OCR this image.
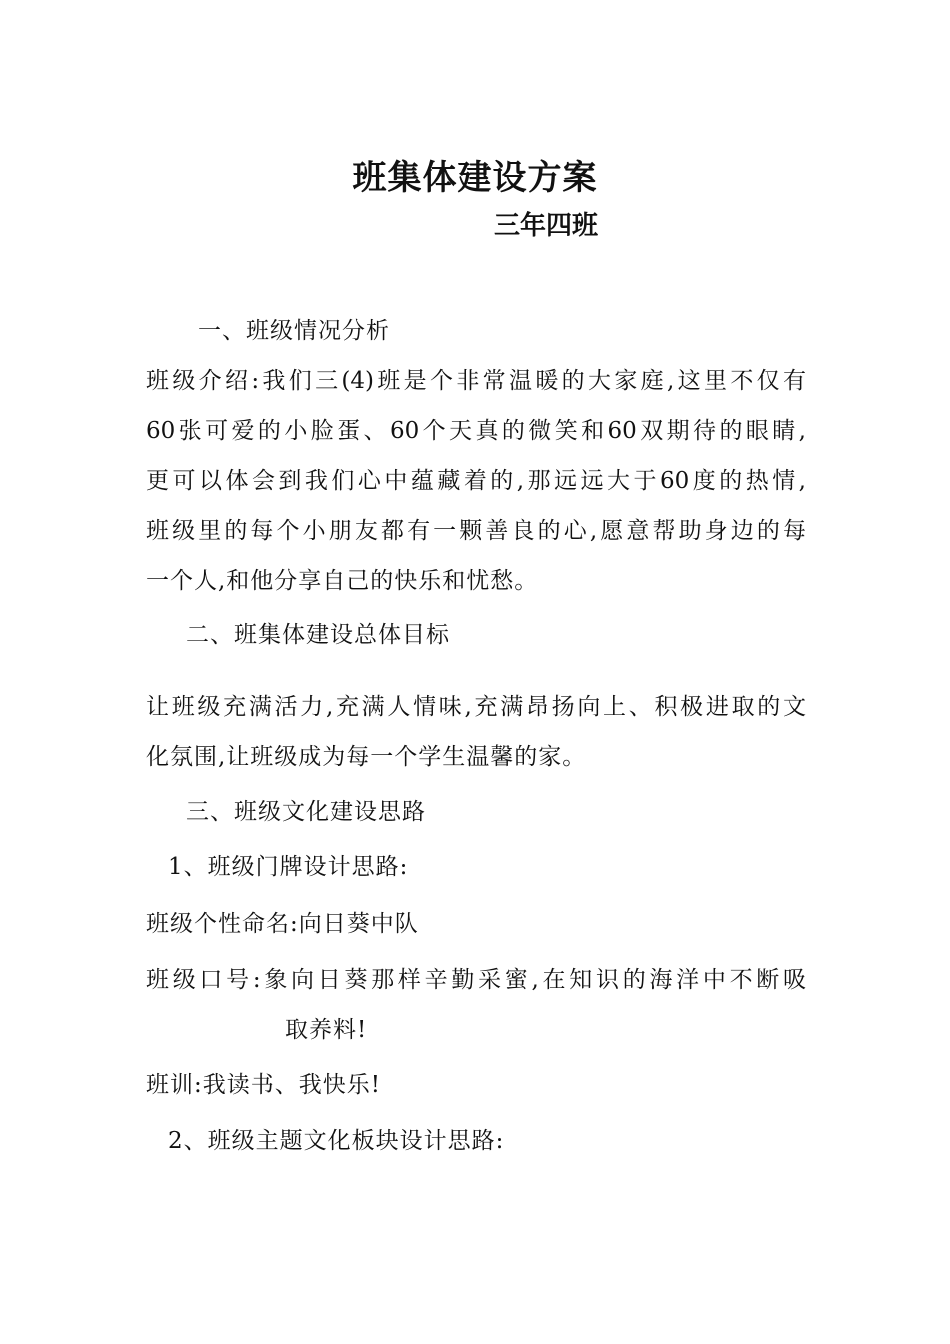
班集体建设方案
三年四班
一、班级情况分析
班级介绍:我们三(4)班是个非常温暖的大家庭,这里不仅有
60张可爱的小脸蛋、60个天真的微笑和60双期待的眼睛,
更可以体会到我们心中蕴藏着的,那远远大于60度的热情,
班级里的每个小朋友都有一颗善良的心,愿意帮助身边的每
一个人,和他分享自己的快乐和忧愁。
二、班集体建设总体目标
让班级充满活力,充满人情味,充满昂扬向上、积极进取的文
化氛围,让班级成为每一个学生温馨的家。
三、班级文化建设思路
1、班级门牌设计思路:
班级个性命名:向日葵中队
班级口号:象向日葵那样辛勤采蜜,在知识的海洋中不断吸
取养料!
班训:我读书、我快乐!
2、班级主题文化板块设计思路:
